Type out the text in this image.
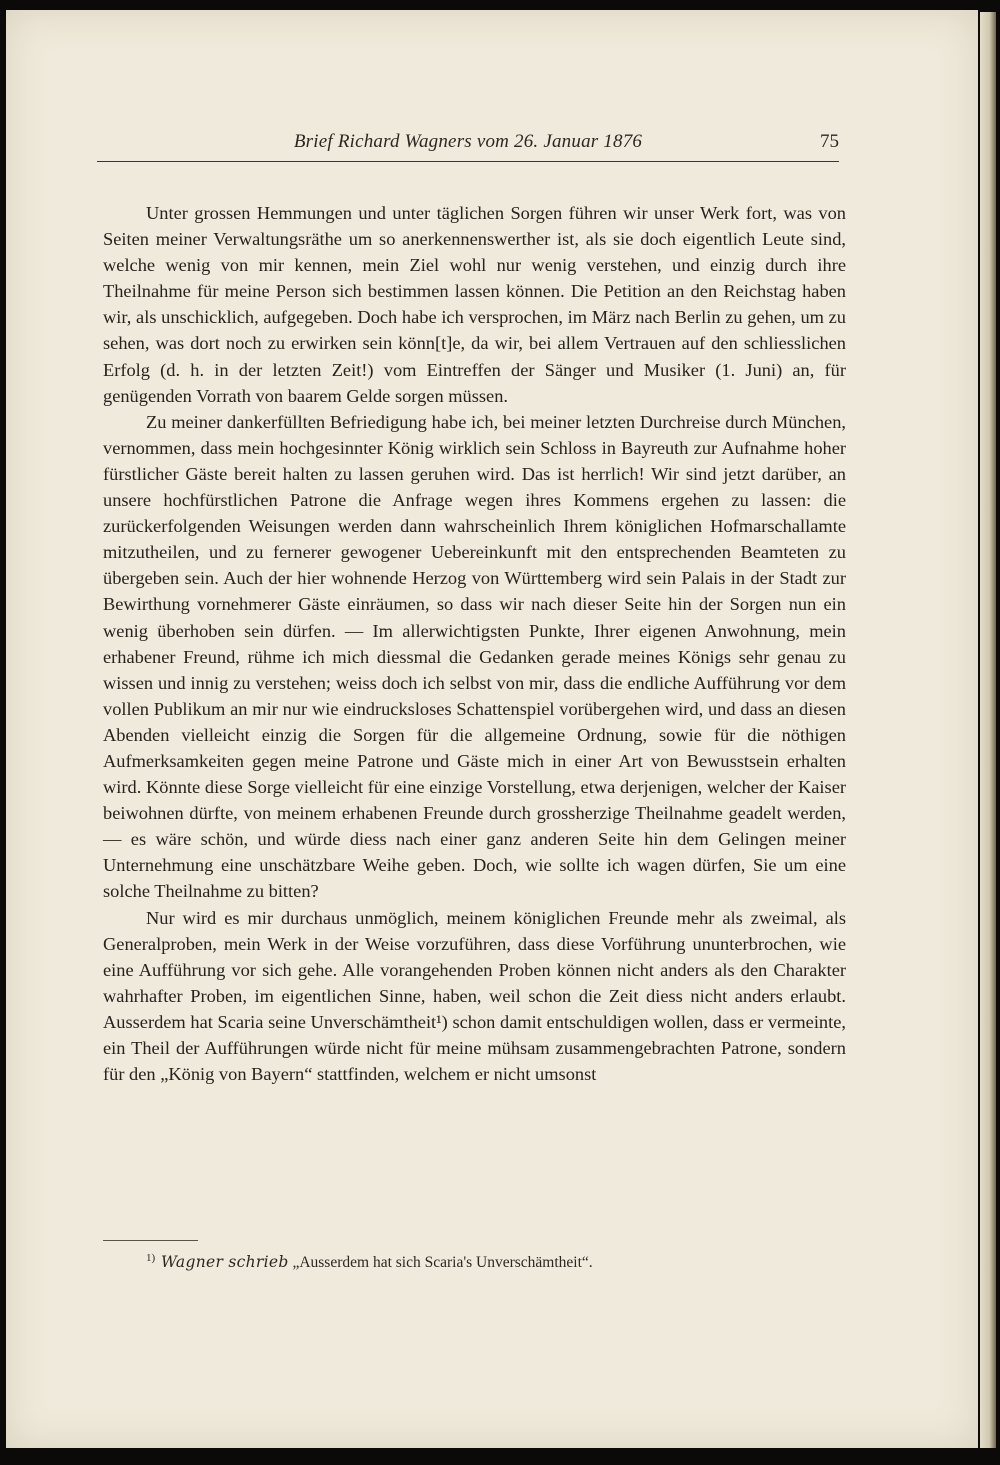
Brief Richard Wagners vom 26. Januar 1876	75

Unter grossen Hemmungen und unter täglichen Sorgen führen wir unser Werk fort, was von Seiten meiner Verwaltungsräthe um so anerkennenswerther ist, als sie doch eigentlich Leute sind, welche wenig von mir kennen, mein Ziel wohl nur wenig verstehen, und einzig durch ihre Theilnahme für meine Person sich bestimmen lassen können. Die Petition an den Reichstag haben wir, als unschicklich, aufgegeben. Doch habe ich versprochen, im März nach Berlin zu gehen, um zu sehen, was dort noch zu erwirken sein könn[t]e, da wir, bei allem Vertrauen auf den schliesslichen Erfolg (d. h. in der letzten Zeit!) vom Eintreffen der Sänger und Musiker (1. Juni) an, für genügenden Vorrath von baarem Gelde sorgen müssen.

Zu meiner dankerfüllten Befriedigung habe ich, bei meiner letzten Durchreise durch München, vernommen, dass mein hochgesinnter König wirklich sein Schloss in Bayreuth zur Aufnahme hoher fürstlicher Gäste bereit halten zu lassen geruhen wird. Das ist herrlich! Wir sind jetzt darüber, an unsere hochfürstlichen Patrone die Anfrage wegen ihres Kommens ergehen zu lassen: die zurückerfolgenden Weisungen werden dann wahrscheinlich Ihrem königlichen Hofmarschallamte mitzutheilen, und zu fernerer gewogener Uebereinkunft mit den entsprechenden Beamteten zu übergeben sein. Auch der hier wohnende Herzog von Württemberg wird sein Palais in der Stadt zur Bewirthung vornehmerer Gäste einräumen, so dass wir nach dieser Seite hin der Sorgen nun ein wenig überhoben sein dürfen. — Im allerwichtigsten Punkte, Ihrer eigenen Anwohnung, mein erhabener Freund, rühme ich mich diessmal die Gedanken gerade meines Königs sehr genau zu wissen und innig zu verstehen; weiss doch ich selbst von mir, dass die endliche Aufführung vor dem vollen Publikum an mir nur wie eindrucksloses Schattenspiel vorübergehen wird, und dass an diesen Abenden vielleicht einzig die Sorgen für die allgemeine Ordnung, sowie für die nöthigen Aufmerksamkeiten gegen meine Patrone und Gäste mich in einer Art von Bewusstsein erhalten wird. Könnte diese Sorge vielleicht für eine einzige Vorstellung, etwa derjenigen, welcher der Kaiser beiwohnen dürfte, von meinem erhabenen Freunde durch grossherzige Theilnahme geadelt werden, — es wäre schön, und würde diess nach einer ganz anderen Seite hin dem Gelingen meiner Unternehmung eine unschätzbare Weihe geben. Doch, wie sollte ich wagen dürfen, Sie um eine solche Theilnahme zu bitten?

Nur wird es mir durchaus unmöglich, meinem königlichen Freunde mehr als zweimal, als Generalproben, mein Werk in der Weise vorzuführen, dass diese Vorführung ununterbrochen, wie eine Aufführung vor sich gehe. Alle vorangehenden Proben können nicht anders als den Charakter wahrhafter Proben, im eigentlichen Sinne, haben, weil schon die Zeit diess nicht anders erlaubt. Ausserdem hat Scaria seine Unverschämtheit¹) schon damit entschuldigen wollen, dass er vermeinte, ein Theil der Aufführungen würde nicht für meine mühsam zusammengebrachten Patrone, sondern für den „König von Bayern“ stattfinden, welchem er nicht umsonst

$^{1)}$ Wagner schrieb „Ausserdem hat sich Scaria's Unverschämtheit“.
